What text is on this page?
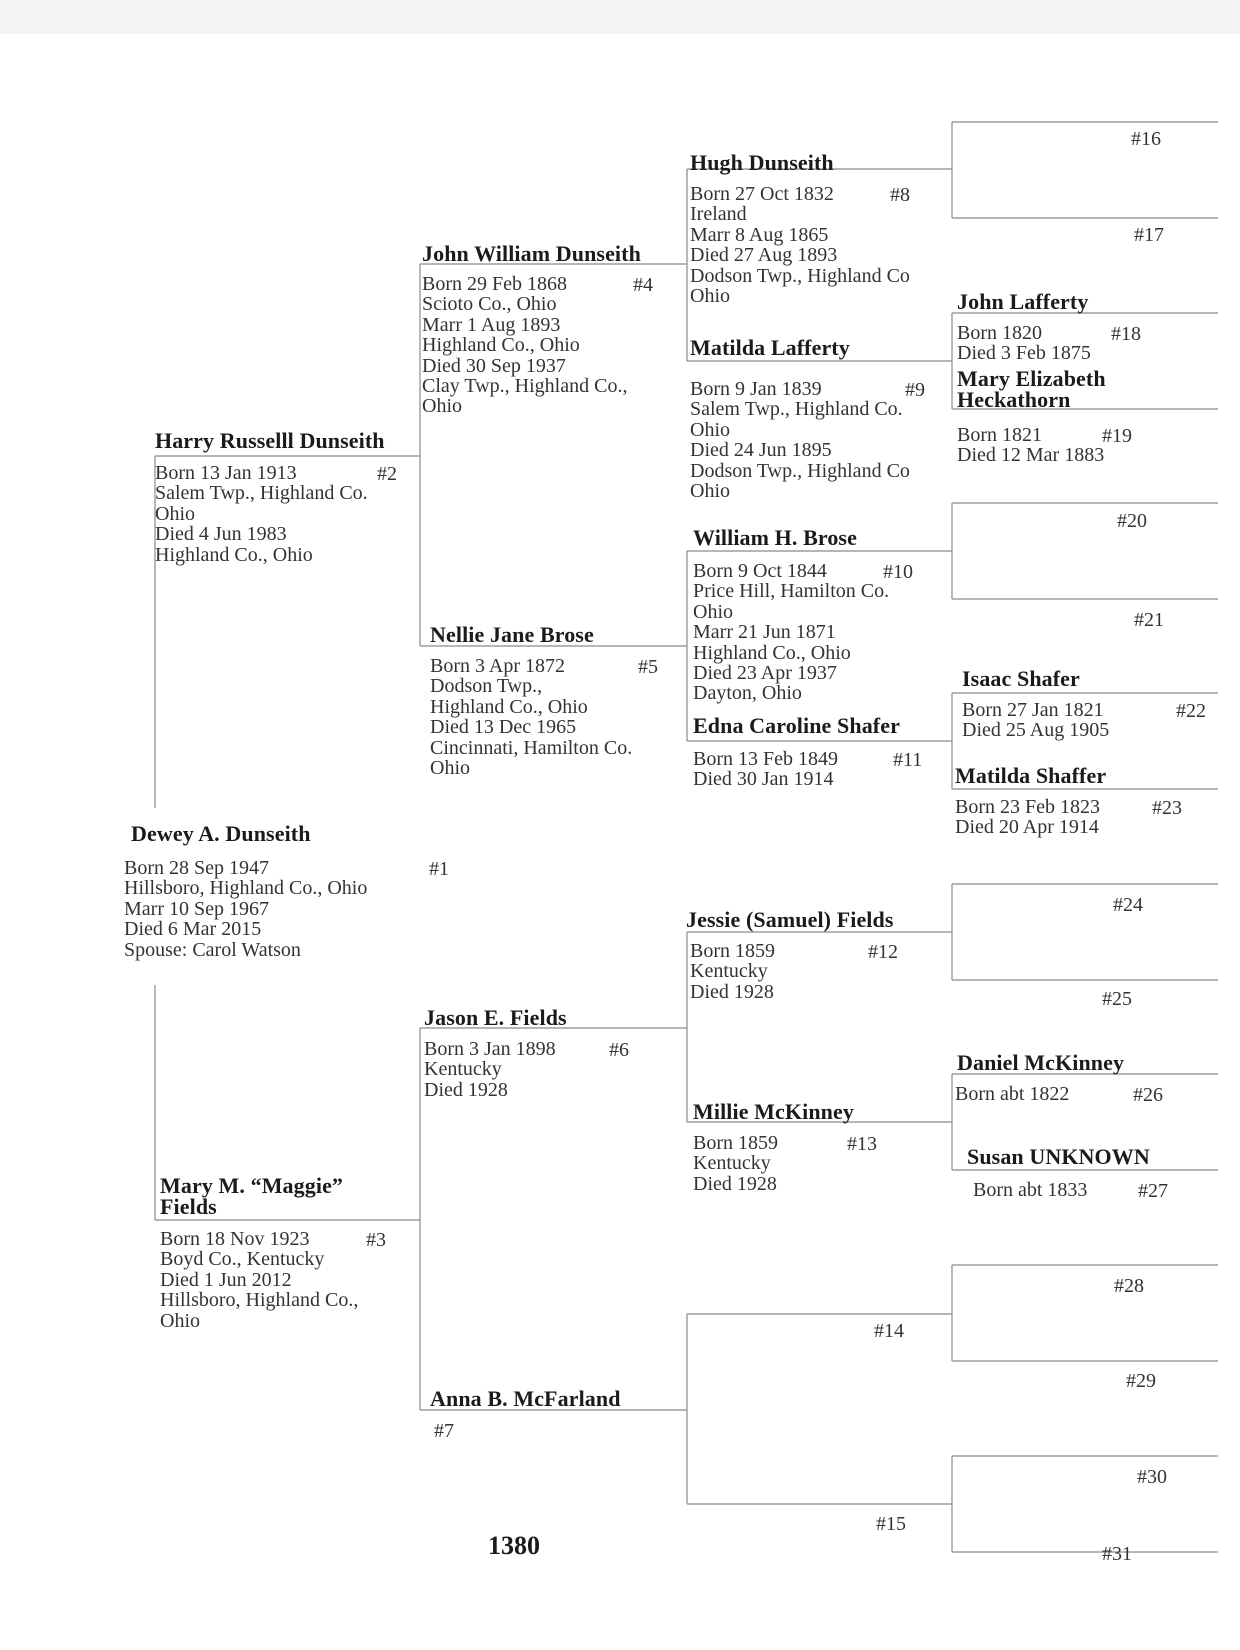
Dewey A. Dunseith
Born 28 Sep 1947
Hillsboro, Highland Co., Ohio
Marr 10 Sep 1967
Died 6 Mar 2015
Spouse: Carol Watson
#1
Harry Russelll Dunseith
Born 13 Jan 1913
Salem Twp., Highland Co.
Ohio
Died 4 Jun 1983
Highland Co., Ohio
#2
Mary M. “Maggie” Fields
Born 18 Nov 1923
Boyd Co., Kentucky
Died 1 Jun 2012
Hillsboro, Highland Co.,
Ohio
#3
John William Dunseith
Born 29 Feb 1868
Scioto Co., Ohio
Marr 1 Aug 1893
Highland Co., Ohio
Died 30 Sep 1937
Clay Twp., Highland Co.,
Ohio
#4
Nellie Jane Brose
Born 3 Apr 1872
Dodson Twp.,
Highland Co., Ohio
Died 13 Dec 1965
Cincinnati, Hamilton Co.
Ohio
#5
Jason E. Fields
Born 3 Jan 1898
Kentucky
Died 1928
#6
Anna B. McFarland
#7
Hugh Dunseith
Born 27 Oct 1832
Ireland
Marr 8 Aug 1865
Died 27 Aug 1893
Dodson Twp., Highland Co
Ohio
#8
Matilda Lafferty
Born 9 Jan 1839
Salem Twp., Highland Co.
Ohio
Died 24 Jun 1895
Dodson Twp., Highland Co
Ohio
#9
William H. Brose
Born 9 Oct 1844
Price Hill, Hamilton Co.
Ohio
Marr 21 Jun 1871
Highland Co., Ohio
Died 23 Apr 1937
Dayton, Ohio
#10
Edna Caroline Shafer
Born 13 Feb 1849
Died 30 Jan 1914
#11
Jessie (Samuel) Fields
Born 1859
Kentucky
Died 1928
#12
Millie McKinney
Born 1859
Kentucky
Died 1928
#13
#14
#15
#16
#17
John Lafferty
Born 1820
Died 3 Feb 1875
#18
Mary Elizabeth Heckathorn
Born 1821
Died 12 Mar 1883
#19
#20
#21
Isaac Shafer
Born 27 Jan 1821
Died 25 Aug 1905
#22
Matilda Shaffer
Born 23 Feb 1823
Died 20 Apr 1914
#23
#24
#25
Daniel McKinney
Born abt 1822	#26
Susan UNKNOWN
Born abt 1833	#27
#28
#29
#30
#31
1380
